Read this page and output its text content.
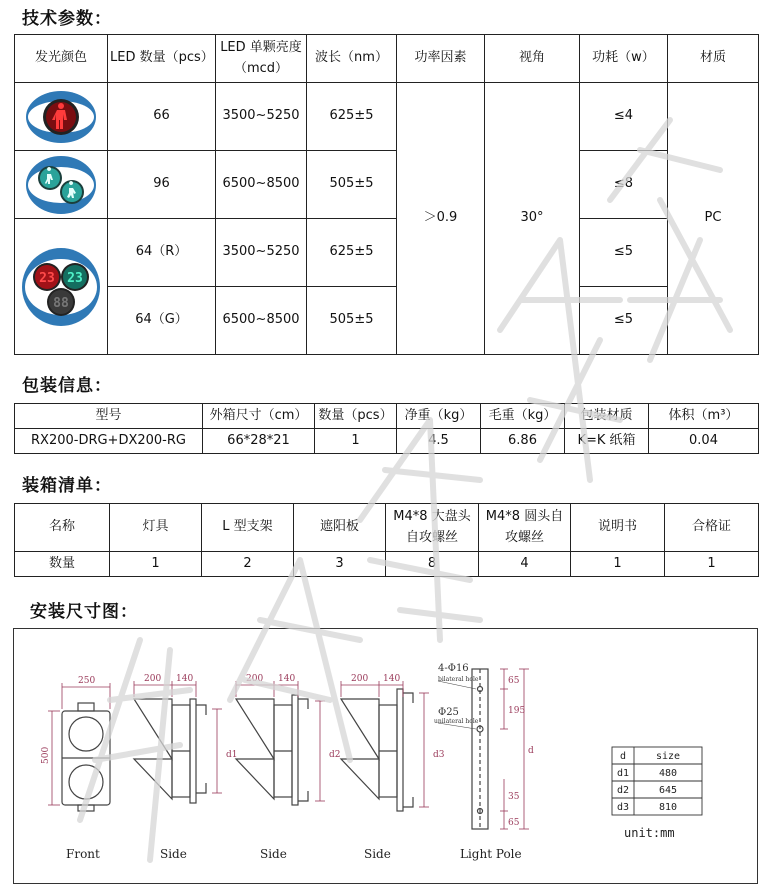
技术参数：
发光颜色	LED 数量（pcs）	LED 单颗亮度（mcd）	波长（nm）	功率因素	视角	功耗（w）	材质

	66	3500~5250	625±5	＞0.9	30°	≤4	PC

	96	6500~8500	505±5			≤8	

23 23
88	64（R）	3500~5250	625±5			≤5	
	64（G）	6500~8500	505±5			≤5	
包装信息：
型号	外箱尺寸（cm）	数量（pcs）	净重（kg）	毛重（kg）	包装材质	体积（m³）
RX200-DRG+DX200-RG	66*28*21	1	4.5	6.86	K=K 纸箱	0.04
装箱清单：
名称	灯具	L 型支架	遮阳板	M4*8 大盘头自攻螺丝	M4*8 圆头自攻螺丝	说明书	合格证
数量	1	2	3	8	4	1	1
安装尺寸图：
250
500
200 140
d1
200 140
d2
200 140
d3
65
195
35
65
d
4-Φ16
bilateral hole
Φ25
unilateral hole
d	size
d1	480
d2	645
d3	810
unit:mm
Front	Side	Side	Side	Light Pole
